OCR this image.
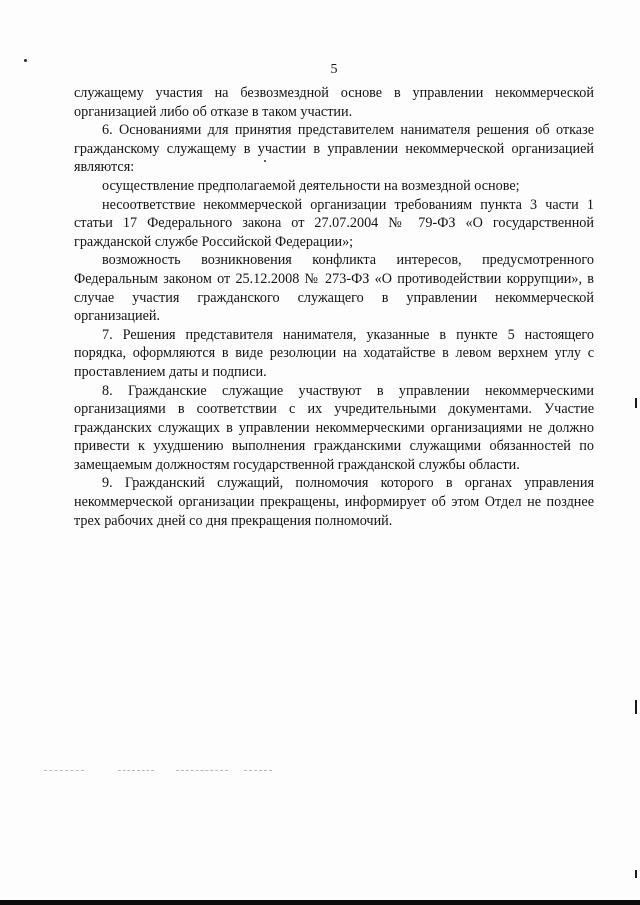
5

служащему участия на безвозмездной основе в управлении некоммерческой организацией либо об отказе в таком участии.

6. Основаниями для принятия представителем нанимателя решения об отказе гражданскому служащему в участии в управлении некоммерческой организацией являются:

осуществление предполагаемой деятельности на возмездной основе;

несоответствие некоммерческой организации требованиям пункта 3 части 1 статьи 17 Федерального закона от 27.07.2004 № 79-ФЗ «О государственной гражданской службе Российской Федерации»;

возможность возникновения конфликта интересов, предусмотренного Федеральным законом от 25.12.2008 № 273-ФЗ «О противодействии коррупции», в случае участия гражданского служащего в управлении некоммерческой организацией.

7. Решения представителя нанимателя, указанные в пункте 5 настоящего порядка, оформляются в виде резолюции на ходатайстве в левом верхнем углу с проставлением даты и подписи.

8. Гражданские служащие участвуют в управлении некоммерческими организациями в соответствии с их учредительными документами. Участие гражданских служащих в управлении некоммерческими организациями не должно привести к ухудшению выполнения гражданскими служащими обязанностей по замещаемым должностям государственной гражданской службы области.

9. Гражданский служащий, полномочия которого в органах управления некоммерческой организации прекращены, информирует об этом Отдел не позднее трех рабочих дней со дня прекращения полномочий.
